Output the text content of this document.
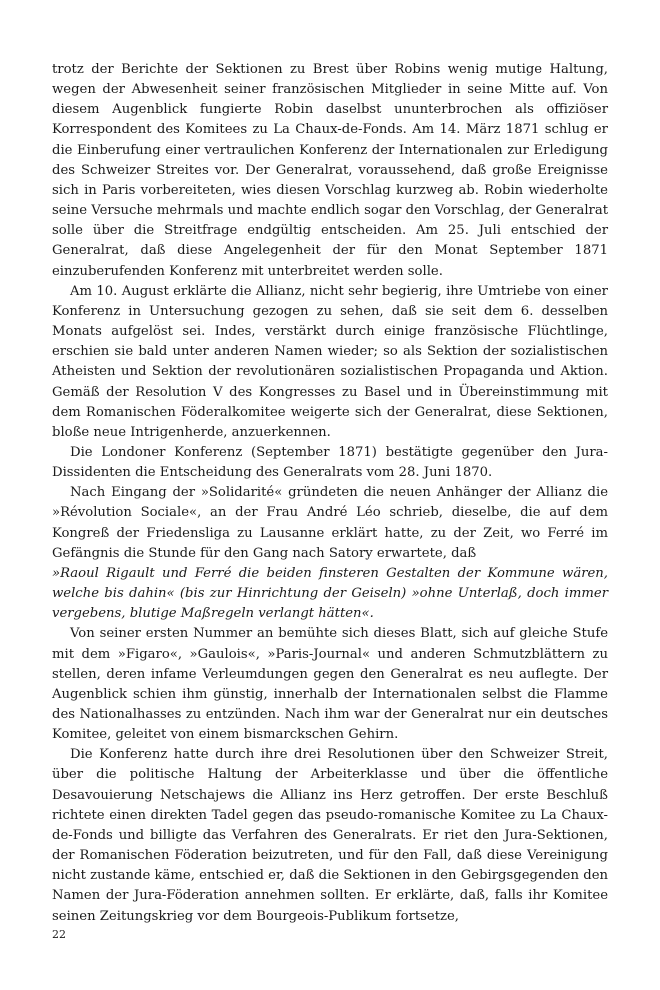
trotz der Berichte der Sektionen zu Brest über Robins wenig mutige Haltung, wegen der Abwesenheit seiner französischen Mitglieder in seine Mitte auf. Von diesem Augenblick fungierte Robin daselbst ununterbrochen als offiziöser Korrespondent des Komitees zu La Chaux-de-Fonds. Am 14. März 1871 schlug er die Einberufung einer vertraulichen Konferenz der Internationalen zur Erledigung des Schweizer Streites vor. Der Generalrat, voraussehend, daß große Ereignisse sich in Paris vorbereiteten, wies diesen Vorschlag kurzweg ab. Robin wiederholte seine Versuche mehrmals und machte endlich sogar den Vorschlag, der Generalrat solle über die Streitfrage endgültig entscheiden. Am 25. Juli entschied der Generalrat, daß diese Angelegenheit der für den Monat September 1871 einzuberufenden Konferenz mit unterbreitet werden solle.

Am 10. August erklärte die Allianz, nicht sehr begierig, ihre Umtriebe von einer Konferenz in Untersuchung gezogen zu sehen, daß sie seit dem 6. desselben Monats aufgelöst sei. Indes, verstärkt durch einige französische Flüchtlinge, erschien sie bald unter anderen Namen wieder; so als Sektion der sozialistischen Atheisten und Sektion der revolutionären sozialistischen Propaganda und Aktion. Gemäß der Resolution V des Kongresses zu Basel und in Übereinstimmung mit dem Romanischen Föderalkomitee weigerte sich der Generalrat, diese Sektionen, bloße neue Intrigenherde, anzuerkennen.

Die Londoner Konferenz (September 1871) bestätigte gegenüber den Jura-Dissidenten die Entscheidung des Generalrats vom 28. Juni 1870.

Nach Eingang der »Solidarité« gründeten die neuen Anhänger der Allianz die »Révolution Sociale«, an der Frau André Léo schrieb, dieselbe, die auf dem Kongreß der Friedensliga zu Lausanne erklärt hatte, zu der Zeit, wo Ferré im Gefängnis die Stunde für den Gang nach Satory erwartete, daß

»Raoul Rigault und Ferré die beiden finsteren Gestalten der Kommune wären, welche bis dahin« (bis zur Hinrichtung der Geiseln) »ohne Unterlaß, doch immer vergebens, blutige Maßregeln verlangt hätten«.

Von seiner ersten Nummer an bemühte sich dieses Blatt, sich auf gleiche Stufe mit dem »Figaro«, »Gaulois«, »Paris-Journal« und anderen Schmutzblättern zu stellen, deren infame Verleumdungen gegen den Generalrat es neu auflegte. Der Augenblick schien ihm günstig, innerhalb der Internationalen selbst die Flamme des Nationalhasses zu entzünden. Nach ihm war der Generalrat nur ein deutsches Komitee, geleitet von einem bismarckschen Gehirn.

Die Konferenz hatte durch ihre drei Resolutionen über den Schweizer Streit, über die politische Haltung der Arbeiterklasse und über die öffentliche Desavouierung Netschajews die Allianz ins Herz getroffen. Der erste Beschluß richtete einen direkten Tadel gegen das pseudo-romanische Komitee zu La Chaux-de-Fonds und billigte das Verfahren des Generalrats. Er riet den Jura-Sektionen, der Romanischen Föderation beizutreten, und für den Fall, daß diese Vereinigung nicht zustande käme, entschied er, daß die Sektionen in den Gebirgsgegenden den Namen der Jura-Föderation annehmen sollten. Er erklärte, daß, falls ihr Komitee seinen Zeitungskrieg vor dem Bourgeois-Publikum fortsetze,

22
